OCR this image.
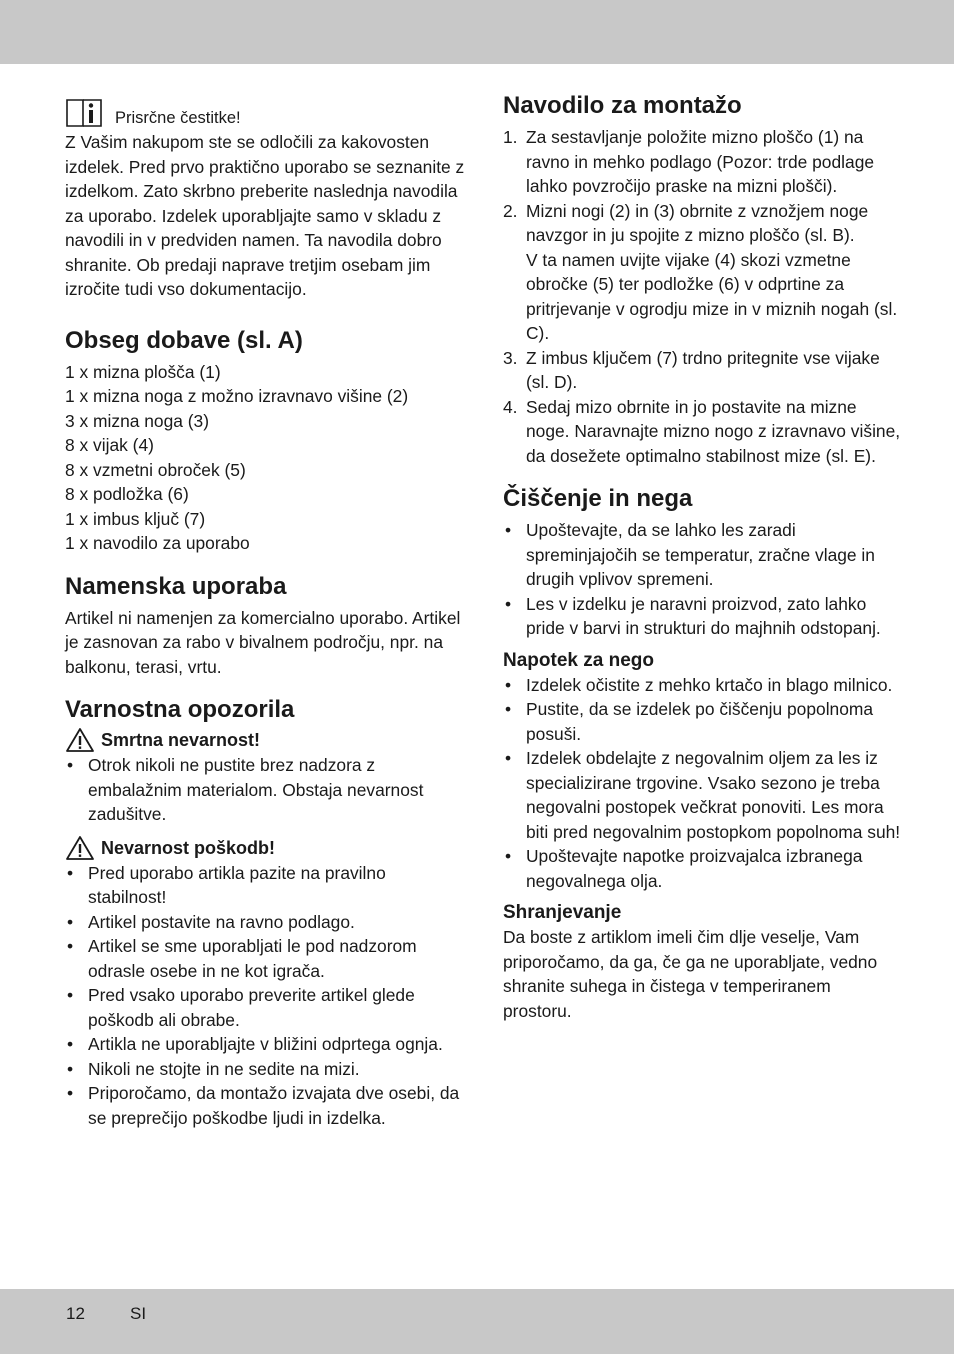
Prisrčne čestitke!

Z Vašim nakupom ste se odločili za kakovosten izdelek. Pred prvo praktično uporabo se seznanite z izdelkom. Zato skrbno preberite naslednja navodila za uporabo. Izdelek uporabljajte samo v skladu z navodili in v predviden namen. Ta navodila dobro shranite. Ob predaji naprave tretjim osebam jim izročite tudi vso dokumentacijo.

Obseg dobave (sl. A)
1 x mizna plošča (1)
1 x mizna noga z možno izravnavo višine (2)
3 x mizna noga (3)
8 x vijak (4)
8 x vzmetni obroček (5)
8 x podložka (6)
1 x imbus ključ (7)
1 x navodilo za uporabo
Namenska uporaba

Artikel ni namenjen za komercialno uporabo. Artikel je zasnovan za rabo v bivalnem področju, npr. na balkonu, terasi, vrtu.

Varnostna opozorila
Smrtna nevarnost!
• Otrok nikoli ne pustite brez nadzora z embalažnim materialom. Obstaja nevarnost zadušitve.
Nevarnost poškodb!
• Pred uporabo artikla pazite na pravilno stabilnost!
• Artikel postavite na ravno podlago.
• Artikel se sme uporabljati le pod nadzorom odrasle osebe in ne kot igrača.
• Pred vsako uporabo preverite artikel glede poškodb ali obrabe.
• Artikla ne uporabljajte v bližini odprtega ognja.
• Nikoli ne stojte in ne sedite na mizi.
• Priporočamo, da montažo izvajata dve osebi, da se preprečijo poškodbe ljudi in izdelka.
Navodilo za montažo
1. Za sestavljanje položite mizno ploščo (1) na ravno in mehko podlago (Pozor: trde podlage lahko povzročijo praske na mizni plošči).
2. Mizni nogi (2) in (3) obrnite z vznožjem noge navzgor in ju spojite z mizno ploščo (sl. B).
V ta namen uvijte vijake (4) skozi vzmetne obročke (5) ter podložke (6) v odprtine za pritrjevanje v ogrodju mize in v miznih nogah (sl. C).
3. Z imbus ključem (7) trdno pritegnite vse vijake (sl. D).
4. Sedaj mizo obrnite in jo postavite na mizne noge. Naravnajte mizno nogo z izravnavo višine, da dosežete optimalno stabilnost mize (sl. E).
Čiščenje in nega
• Upoštevajte, da se lahko les zaradi spreminjajočih se temperatur, zračne vlage in drugih vplivov spremeni.
• Les v izdelku je naravni proizvod, zato lahko pride v barvi in strukturi do majhnih odstopanj.
Napotek za nego
• Izdelek očistite z mehko krtačo in blago milnico.
• Pustite, da se izdelek po čiščenju popolnoma posuši.
• Izdelek obdelajte z negovalnim oljem za les iz specializirane trgovine. Vsako sezono je treba negovalni postopek večkrat ponoviti. Les mora biti pred negovalnim postopkom popolnoma suh!
• Upoštevajte napotke proizvajalca izbranega negovalnega olja.
Shranjevanje

Da boste z artiklom imeli čim dlje veselje, Vam priporočamo, da ga, če ga ne uporabljate, vedno shranite suhega in čistega v temperiranem prostoru.

12	SI
